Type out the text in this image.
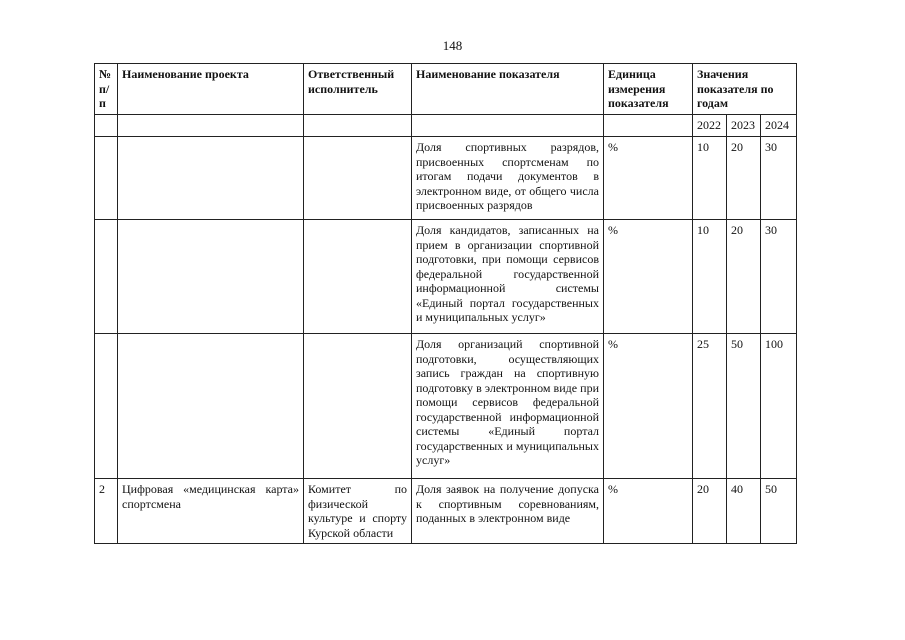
148
№ п/п	Наименование проекта	Ответственный исполнитель	Наименование показателя	Единица измерения показателя	Значения показателя по годам		
					2022	2023	2024
			Доля спортивных разрядов, присвоенных спортсменам по итогам подачи документов в электронном виде, от общего числа присвоенных разрядов	%	10	20	30
			Доля кандидатов, записанных на прием в организации спортивной подготовки, при помощи сервисов федеральной государственной информационной системы «Единый портал государственных и муниципальных услуг»	%	10	20	30
			Доля организаций спортивной подготовки, осуществляющих запись граждан на спортивную подготовку в электронном виде при помощи сервисов федеральной государственной информационной системы «Единый портал государственных и муниципальных услуг»	%	25	50	100
2	Цифровая «медицинская карта» спортсмена	Комитет по физической культуре и спорту Курской области	Доля заявок на получение допуска к спортивным соревнованиям, поданных в электронном виде	%	20	40	50
